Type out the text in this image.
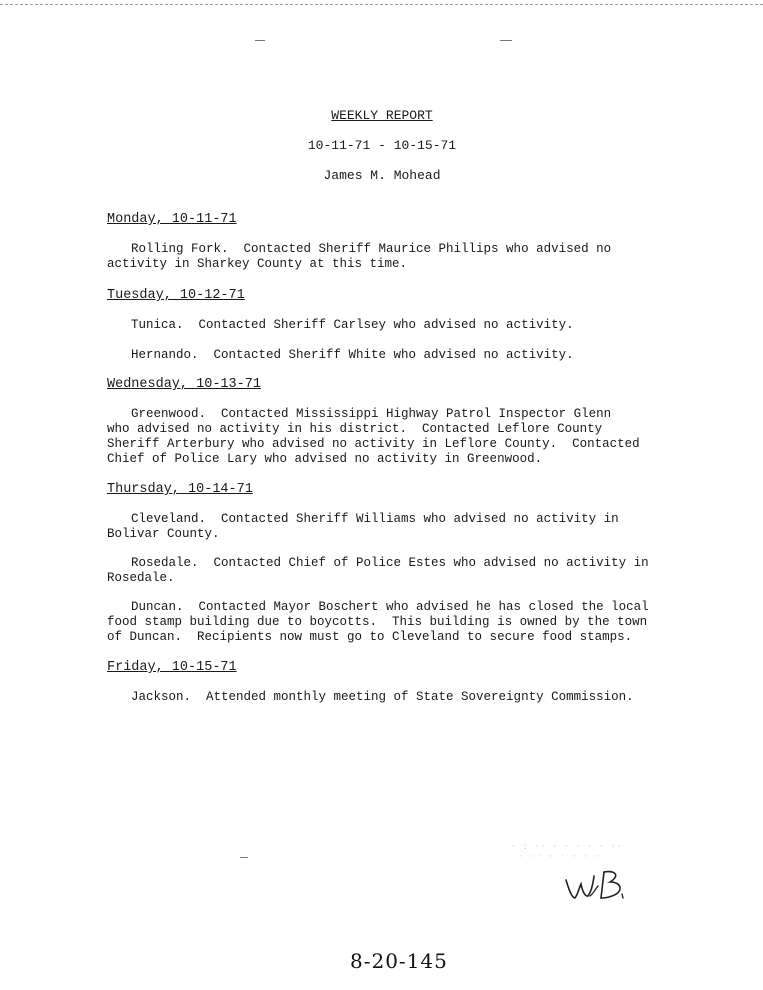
WEEKLY REPORT
10-11-71 - 10-15-71
James M. Mohead
Monday, 10-11-71
Rolling Fork.  Contacted Sheriff Maurice Phillips who advised no
activity in Sharkey County at this time.
Tuesday, 10-12-71
Tunica.  Contacted Sheriff Carlsey who advised no activity.
Hernando.  Contacted Sheriff White who advised no activity.
Wednesday, 10-13-71
Greenwood.  Contacted Mississippi Highway Patrol Inspector Glenn
who advised no activity in his district.  Contacted Leflore County
Sheriff Arterbury who advised no activity in Leflore County.  Contacted
Chief of Police Lary who advised no activity in Greenwood.
Thursday, 10-14-71
Cleveland.  Contacted Sheriff Williams who advised no activity in
Bolivar County.
Rosedale.  Contacted Chief of Police Estes who advised no activity in
Rosedale.
Duncan.  Contacted Mayor Boschert who advised he has closed the local
food stamp building due to boycotts.  This building is owned by the town
of Duncan.  Recipients now must go to Cleveland to secure food stamps.
Friday, 10-15-71
Jackson.  Attended monthly meeting of State Sovereignty Commission.
· : ·· · · · · · ··
· ·· · · · · ·
8-20-145
